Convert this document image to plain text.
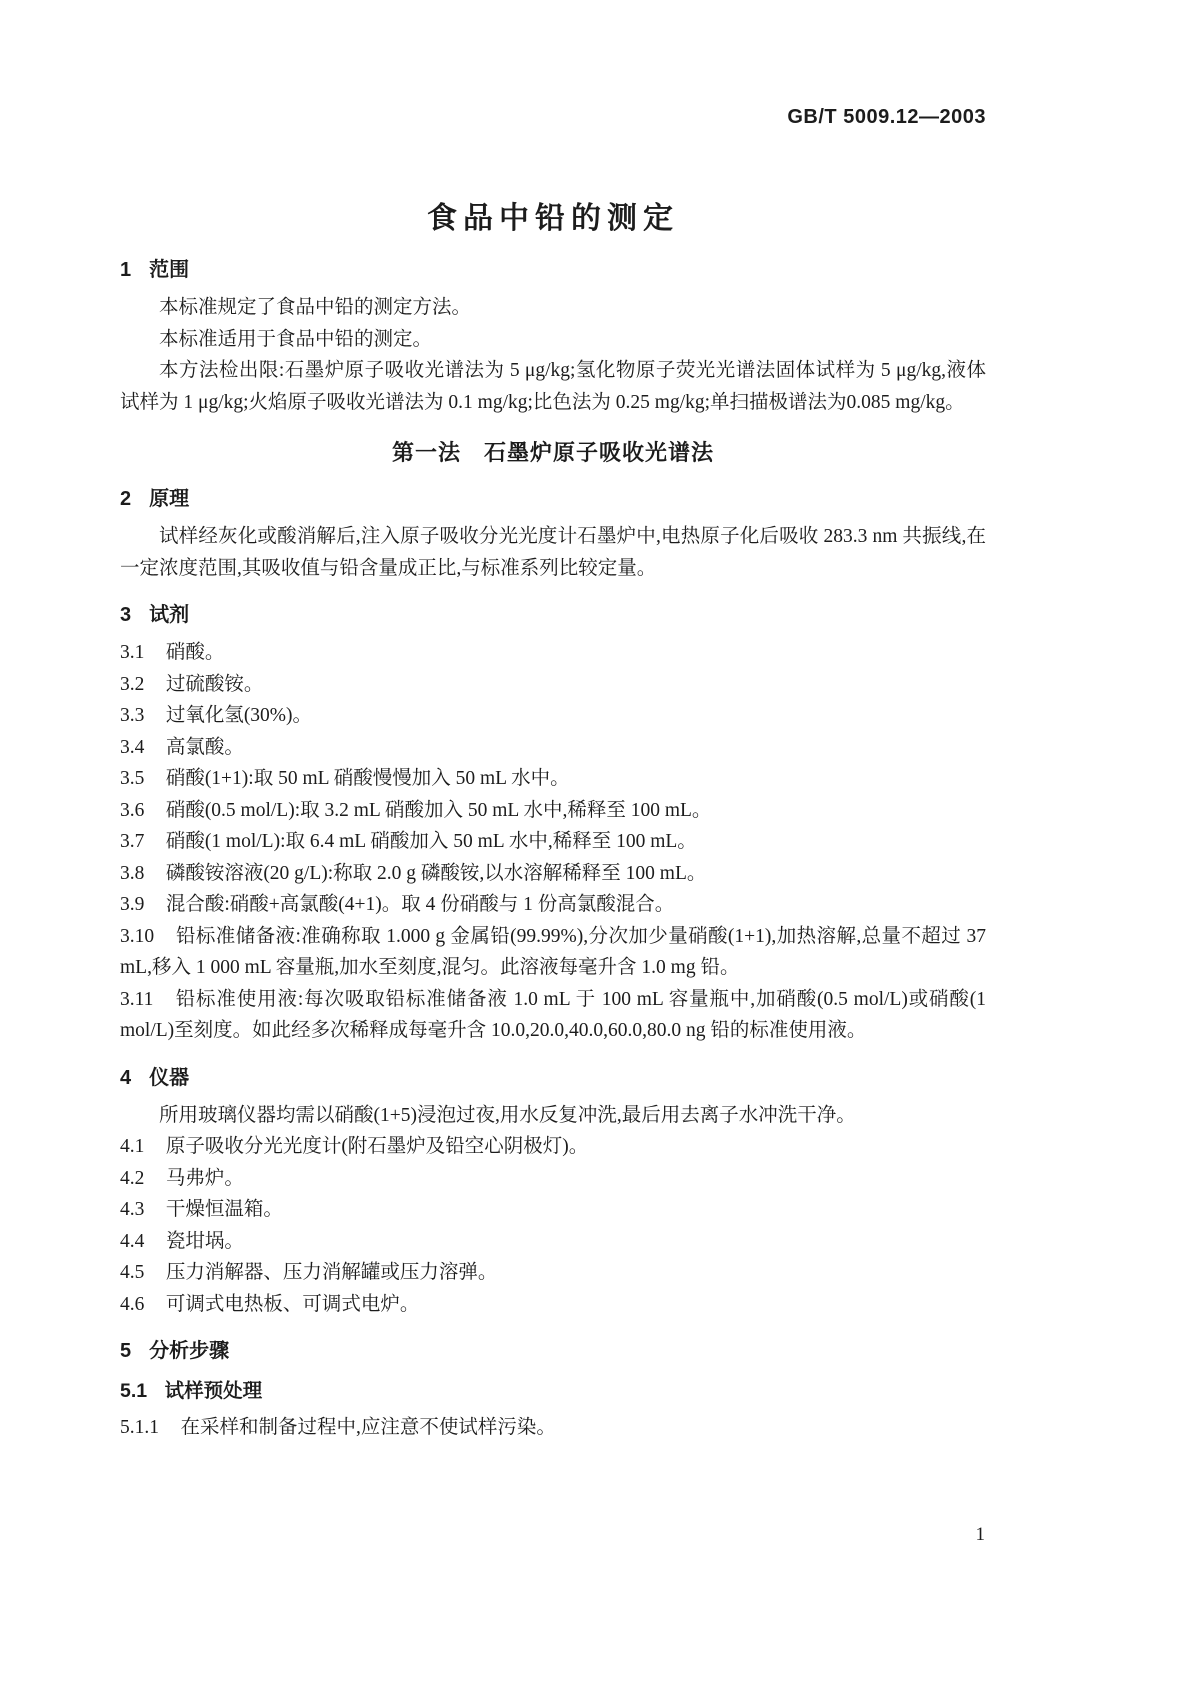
GB/T 5009.12—2003
食品中铅的测定
1 范围

本标准规定了食品中铅的测定方法。

本标准适用于食品中铅的测定。

本方法检出限:石墨炉原子吸收光谱法为 5 μg/kg;氢化物原子荧光光谱法固体试样为 5 μg/kg,液体试样为 1 μg/kg;火焰原子吸收光谱法为 0.1 mg/kg;比色法为 0.25 mg/kg;单扫描极谱法为0.085 mg/kg。

第一法　石墨炉原子吸收光谱法
2 原理

试样经灰化或酸消解后,注入原子吸收分光光度计石墨炉中,电热原子化后吸收 283.3 nm 共振线,在一定浓度范围,其吸收值与铅含量成正比,与标准系列比较定量。

3 试剂

3.1 硝酸。

3.2 过硫酸铵。

3.3 过氧化氢(30%)。

3.4 高氯酸。

3.5 硝酸(1+1):取 50 mL 硝酸慢慢加入 50 mL 水中。

3.6 硝酸(0.5 mol/L):取 3.2 mL 硝酸加入 50 mL 水中,稀释至 100 mL。

3.7 硝酸(1 mol/L):取 6.4 mL 硝酸加入 50 mL 水中,稀释至 100 mL。

3.8 磷酸铵溶液(20 g/L):称取 2.0 g 磷酸铵,以水溶解稀释至 100 mL。

3.9 混合酸:硝酸+高氯酸(4+1)。取 4 份硝酸与 1 份高氯酸混合。

3.10 铅标准储备液:准确称取 1.000 g 金属铅(99.99%),分次加少量硝酸(1+1),加热溶解,总量不超过 37 mL,移入 1 000 mL 容量瓶,加水至刻度,混匀。此溶液每毫升含 1.0 mg 铅。

3.11 铅标准使用液:每次吸取铅标准储备液 1.0 mL 于 100 mL 容量瓶中,加硝酸(0.5 mol/L)或硝酸(1 mol/L)至刻度。如此经多次稀释成每毫升含 10.0,20.0,40.0,60.0,80.0 ng 铅的标准使用液。

4 仪器

所用玻璃仪器均需以硝酸(1+5)浸泡过夜,用水反复冲洗,最后用去离子水冲洗干净。

4.1 原子吸收分光光度计(附石墨炉及铅空心阴极灯)。

4.2 马弗炉。

4.3 干燥恒温箱。

4.4 瓷坩埚。

4.5 压力消解器、压力消解罐或压力溶弹。

4.6 可调式电热板、可调式电炉。

5 分析步骤
5.1 试样预处理

5.1.1 在采样和制备过程中,应注意不使试样污染。

1
